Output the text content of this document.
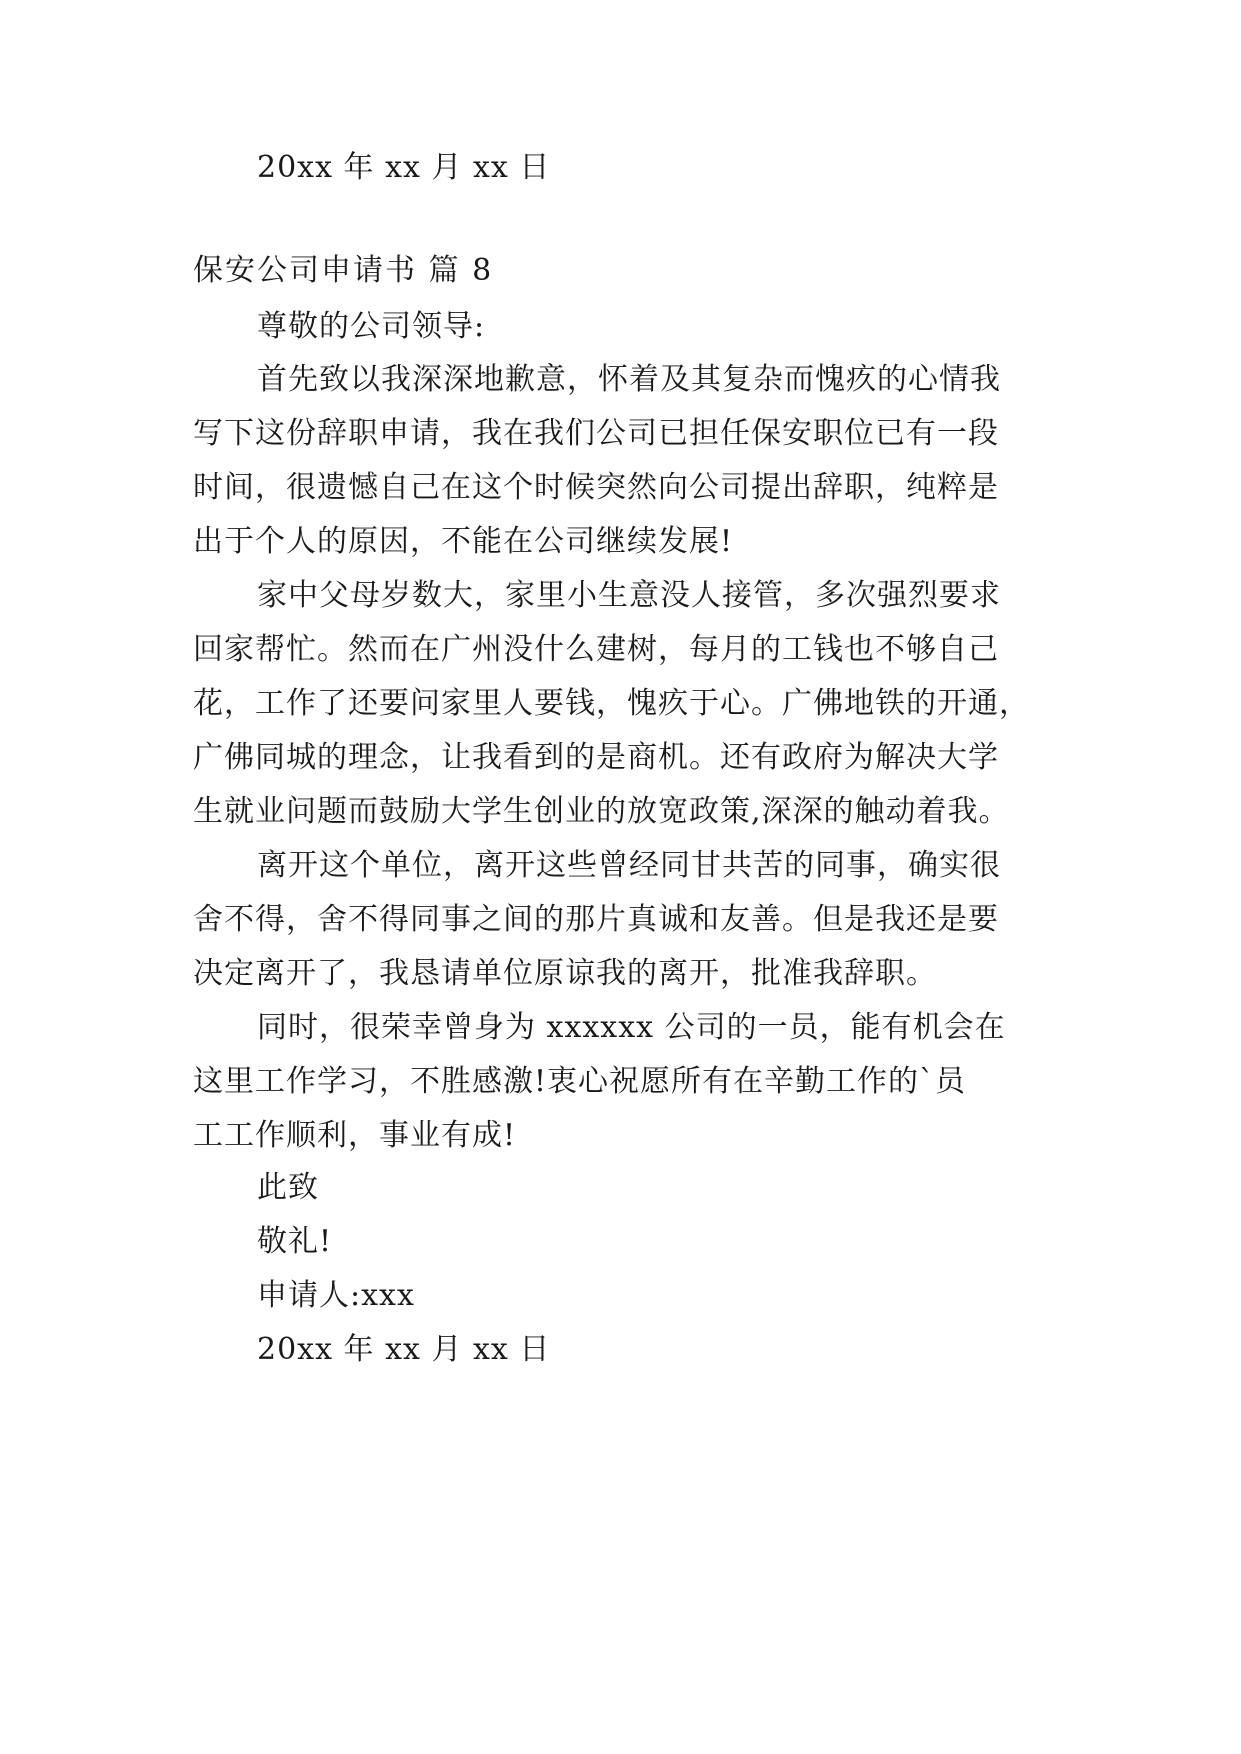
20xx 年 xx 月 xx 日
保安公司申请书 篇 8
尊敬的公司领导:
首先致以我深深地歉意，怀着及其复杂而愧疚的心情我
写下这份辞职申请，我在我们公司已担任保安职位已有一段
时间，很遗憾自己在这个时候突然向公司提出辞职，纯粹是
出于个人的原因，不能在公司继续发展!
家中父母岁数大，家里小生意没人接管，多次强烈要求
回家帮忙。然而在广州没什么建树，每月的工钱也不够自己
花，工作了还要问家里人要钱，愧疚于心。广佛地铁的开通，
广佛同城的理念，让我看到的是商机。还有政府为解决大学
生就业问题而鼓励大学生创业的放宽政策,深深的触动着我。
离开这个单位，离开这些曾经同甘共苦的同事，确实很
舍不得，舍不得同事之间的那片真诚和友善。但是我还是要
决定离开了，我恳请单位原谅我的离开，批准我辞职。
同时，很荣幸曾身为 xxxxxx 公司的一员，能有机会在
这里工作学习，不胜感激!衷心祝愿所有在辛勤工作的`员
工工作顺利，事业有成!
此致
敬礼!
申请人:xxx
20xx 年 xx 月 xx 日
